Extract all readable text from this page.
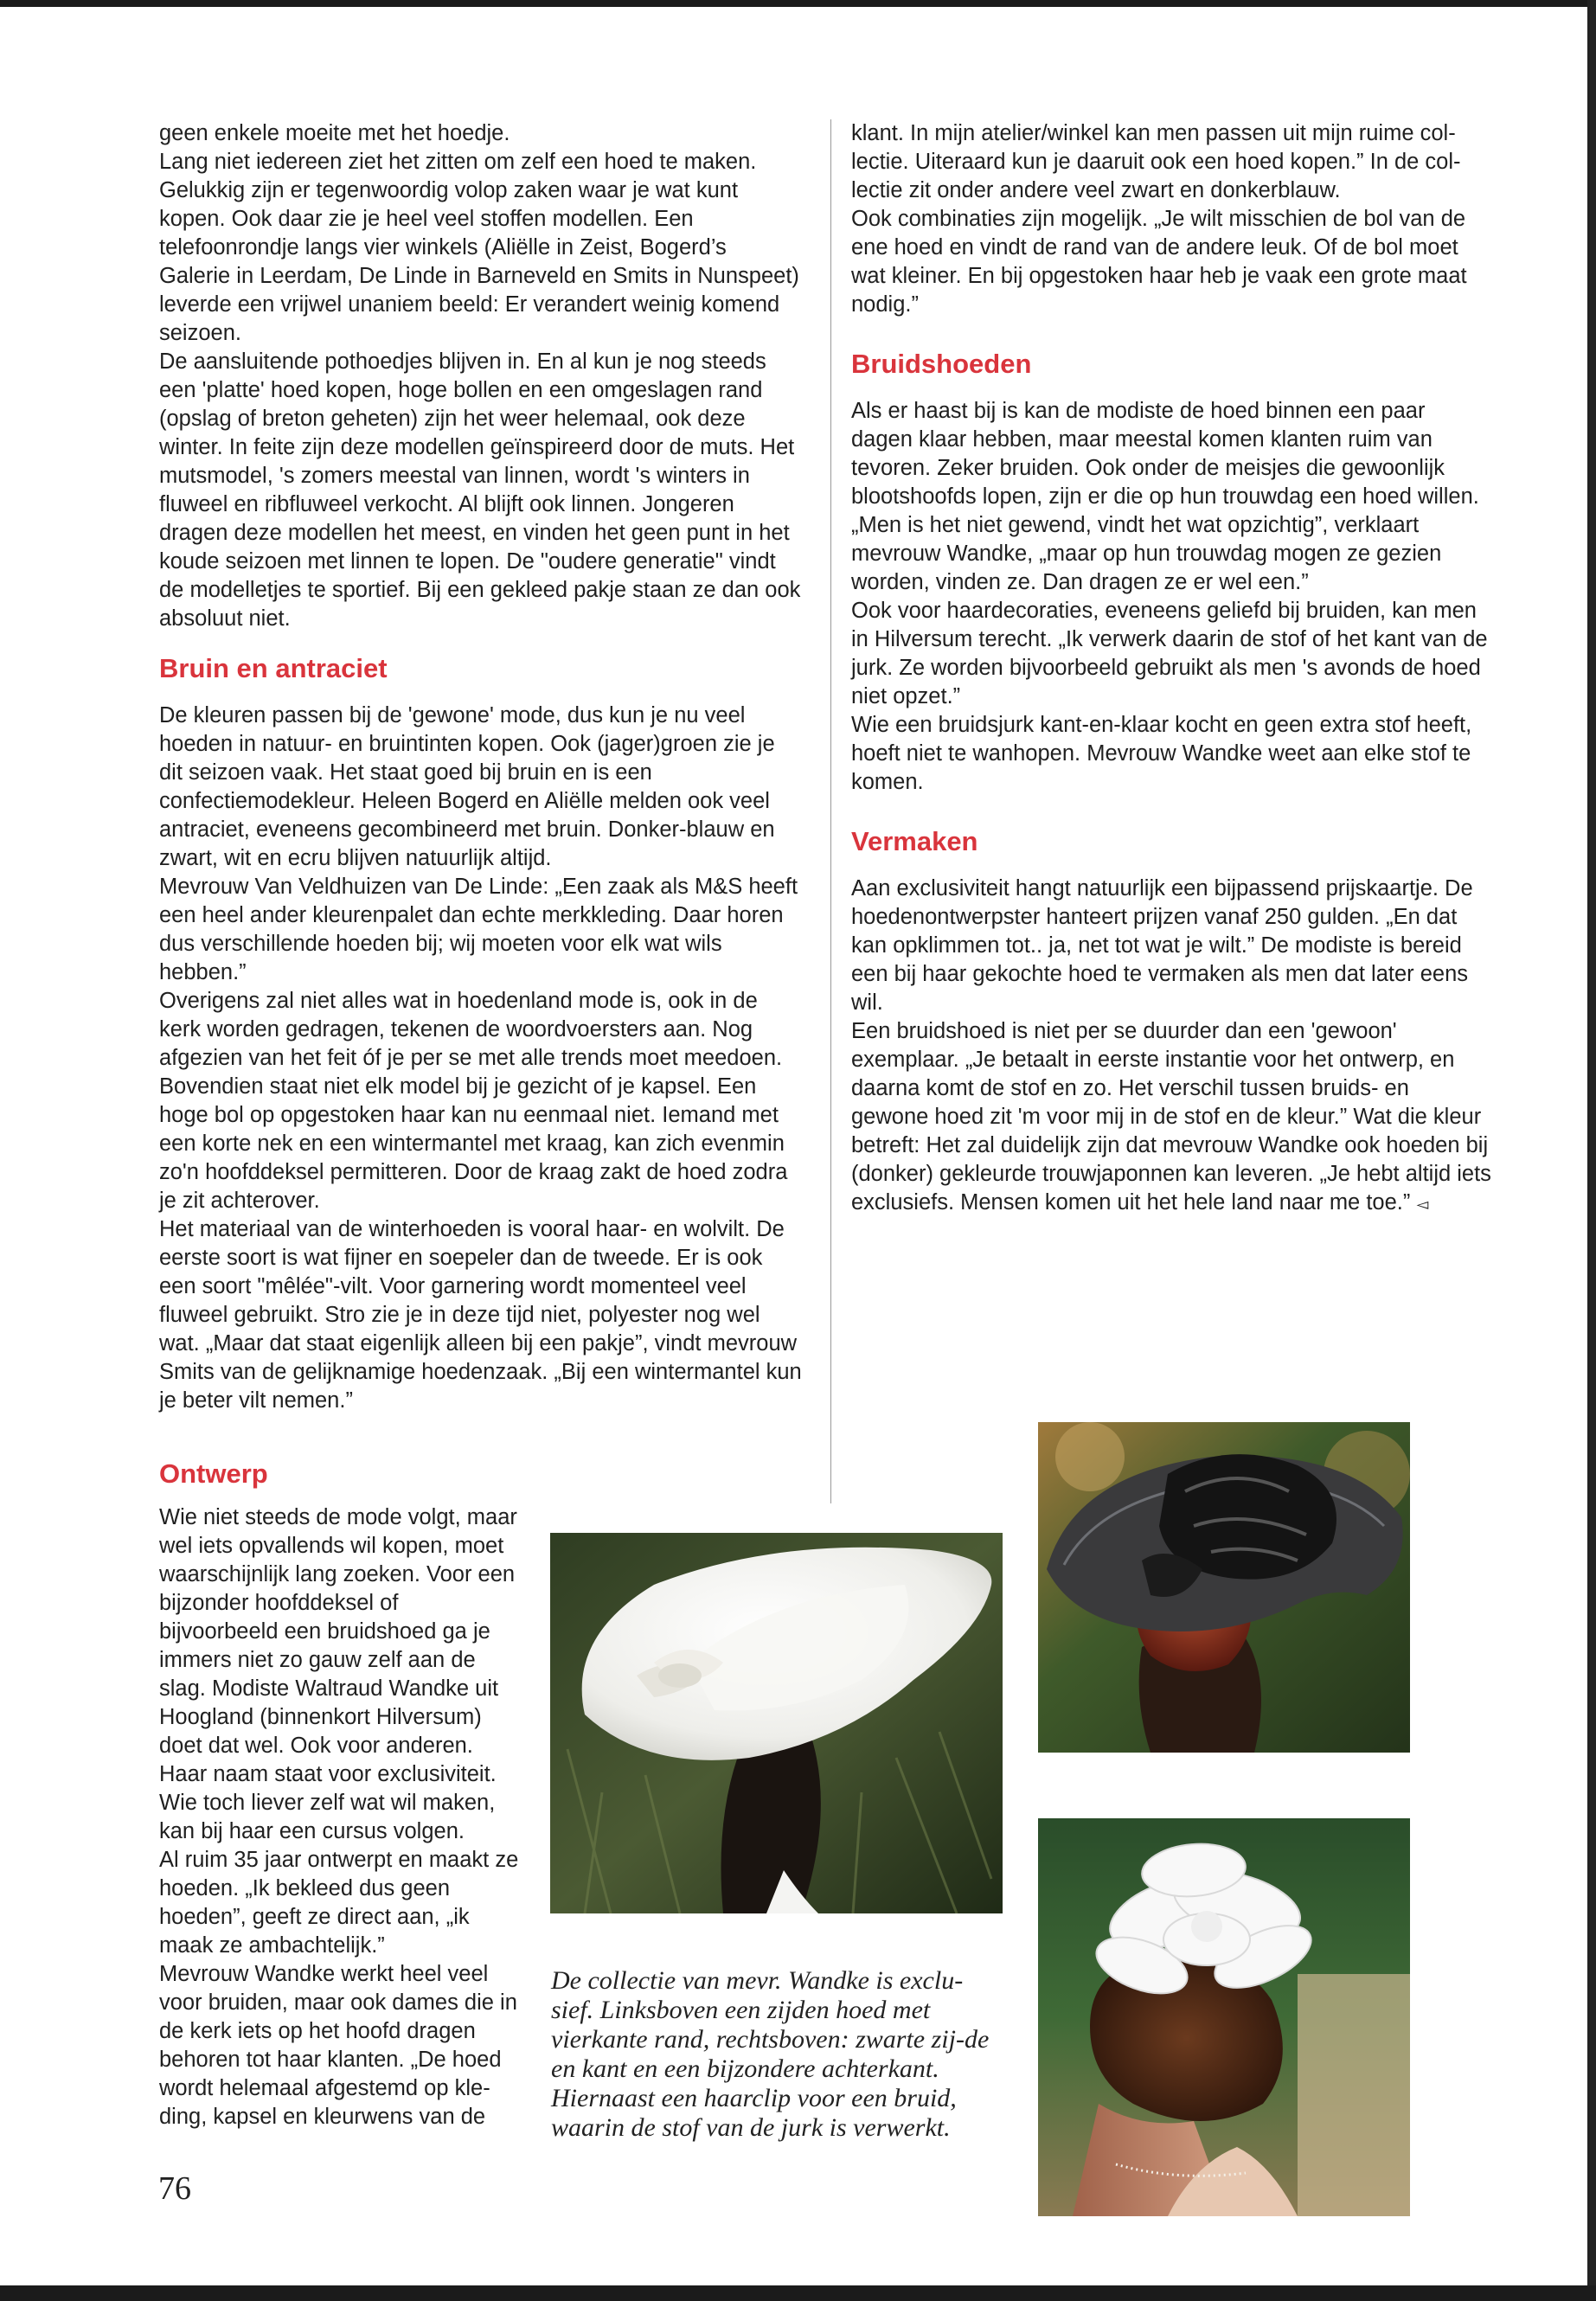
geen enkele moeite met het hoedje.

Lang niet iedereen ziet het zitten om zelf een hoed te maken. Gelukkig zijn er tegenwoordig volop zaken waar je wat kunt kopen. Ook daar zie je heel veel stoffen modellen. Een telefoonrondje langs vier winkels (Aliëlle in Zeist, Bogerd’s Galerie in Leerdam, De Linde in Barneveld en Smits in Nunspeet) leverde een vrijwel unaniem beeld: Er verandert weinig komend seizoen.

De aansluitende pothoedjes blijven in. En al kun je nog steeds een 'platte' hoed kopen, hoge bollen en een omgeslagen rand (opslag of breton geheten) zijn het weer helemaal, ook deze winter. In feite zijn deze modellen geïnspireerd door de muts. Het mutsmodel, 's zomers meestal van linnen, wordt 's winters in fluweel en ribfluweel verkocht. Al blijft ook linnen. Jongeren dragen deze modellen het meest, en vinden het geen punt in het koude seizoen met linnen te lopen. De "oudere generatie" vindt de modelletjes te sportief. Bij een gekleed pakje staan ze dan ook absoluut niet.

Bruin en antraciet

De kleuren passen bij de 'gewone' mode, dus kun je nu veel hoeden in natuur- en bruintinten kopen. Ook (jager)groen zie je dit seizoen vaak. Het staat goed bij bruin en is een confectiemodekleur. Heleen Bogerd en Aliëlle melden ook veel antraciet, eveneens gecombineerd met bruin. Donker-blauw en zwart, wit en ecru blijven natuurlijk altijd.

Mevrouw Van Veldhuizen van De Linde: „Een zaak als M&S heeft een heel ander kleurenpalet dan echte merkkleding. Daar horen dus verschillende hoeden bij; wij moeten voor elk wat wils hebben.”

Overigens zal niet alles wat in hoedenland mode is, ook in de kerk worden gedragen, tekenen de woordvoersters aan. Nog afgezien van het feit óf je per se met alle trends moet meedoen. Bovendien staat niet elk model bij je gezicht of je kapsel. Een hoge bol op opgestoken haar kan nu eenmaal niet. Iemand met een korte nek en een wintermantel met kraag, kan zich evenmin zo'n hoofddeksel permitteren. Door de kraag zakt de hoed zodra je zit achterover.

Het materiaal van de winterhoeden is vooral haar- en wolvilt. De eerste soort is wat fijner en soepeler dan de tweede. Er is ook een soort "mêlée"-vilt. Voor garnering wordt momenteel veel fluweel gebruikt. Stro zie je in deze tijd niet, polyester nog wel wat. „Maar dat staat eigenlijk alleen bij een pakje”, vindt mevrouw Smits van de gelijknamige hoedenzaak. „Bij een wintermantel kun je beter vilt nemen.”

Ontwerp

Wie niet steeds de mode volgt, maar wel iets opvallends wil kopen, moet waarschijnlijk lang zoeken. Voor een bijzonder hoofddeksel of bijvoorbeeld een bruidshoed ga je immers niet zo gauw zelf aan de slag. Modiste Waltraud Wandke uit Hoogland (binnenkort Hilversum) doet dat wel. Ook voor anderen. Haar naam staat voor exclusiviteit. Wie toch liever zelf wat wil maken, kan bij haar een cursus volgen.

Al ruim 35 jaar ontwerpt en maakt ze hoeden. „Ik bekleed dus geen hoeden”, geeft ze direct aan, „ik maak ze ambachtelijk.”

Mevrouw Wandke werkt heel veel voor bruiden, maar ook dames die in de kerk iets op het hoofd dragen behoren tot haar klanten. „De hoed wordt helemaal afgestemd op kle-ding, kapsel en kleurwens van de

klant. In mijn atelier/winkel kan men passen uit mijn ruime col-lectie. Uiteraard kun je daaruit ook een hoed kopen.” In de col-lectie zit onder andere veel zwart en donkerblauw.

Ook combinaties zijn mogelijk. „Je wilt misschien de bol van de ene hoed en vindt de rand van de andere leuk. Of de bol moet wat kleiner. En bij opgestoken haar heb je vaak een grote maat nodig.”

Bruidshoeden

Als er haast bij is kan de modiste de hoed binnen een paar dagen klaar hebben, maar meestal komen klanten ruim van tevoren. Zeker bruiden. Ook onder de meisjes die gewoonlijk blootshoofds lopen, zijn er die op hun trouwdag een hoed willen. „Men is het niet gewend, vindt het wat opzichtig”, verklaart mevrouw Wandke, „maar op hun trouwdag mogen ze gezien worden, vinden ze. Dan dragen ze er wel een.”

Ook voor haardecoraties, eveneens geliefd bij bruiden, kan men in Hilversum terecht. „Ik verwerk daarin de stof of het kant van de jurk. Ze worden bijvoorbeeld gebruikt als men 's avonds de hoed niet opzet.”

Wie een bruidsjurk kant-en-klaar kocht en geen extra stof heeft, hoeft niet te wanhopen. Mevrouw Wandke weet aan elke stof te komen.

Vermaken

Aan exclusiviteit hangt natuurlijk een bijpassend prijskaartje. De hoedenontwerpster hanteert prijzen vanaf 250 gulden. „En dat kan opklimmen tot.. ja, net tot wat je wilt.” De modiste is bereid een bij haar gekochte hoed te vermaken als men dat later eens wil.

Een bruidshoed is niet per se duurder dan een 'gewoon' exemplaar. „Je betaalt in eerste instantie voor het ontwerp, en daarna komt de stof en zo. Het verschil tussen bruids- en gewone hoed zit 'm voor mij in de stof en de kleur.” Wat die kleur betreft: Het zal duidelijk zijn dat mevrouw Wandke ook hoeden bij (donker) gekleurde trouwjaponnen kan leveren. „Je hebt altijd iets exclusiefs. Mensen komen uit het hele land naar me toe.” ◅

De collectie van mevr. Wandke is exclu-sief. Linksboven een zijden hoed met vierkante rand, rechtsboven: zwarte zij-de en kant en een bijzondere achterkant. Hiernaast een haarclip voor een bruid, waarin de stof van de jurk is verwerkt.
76
